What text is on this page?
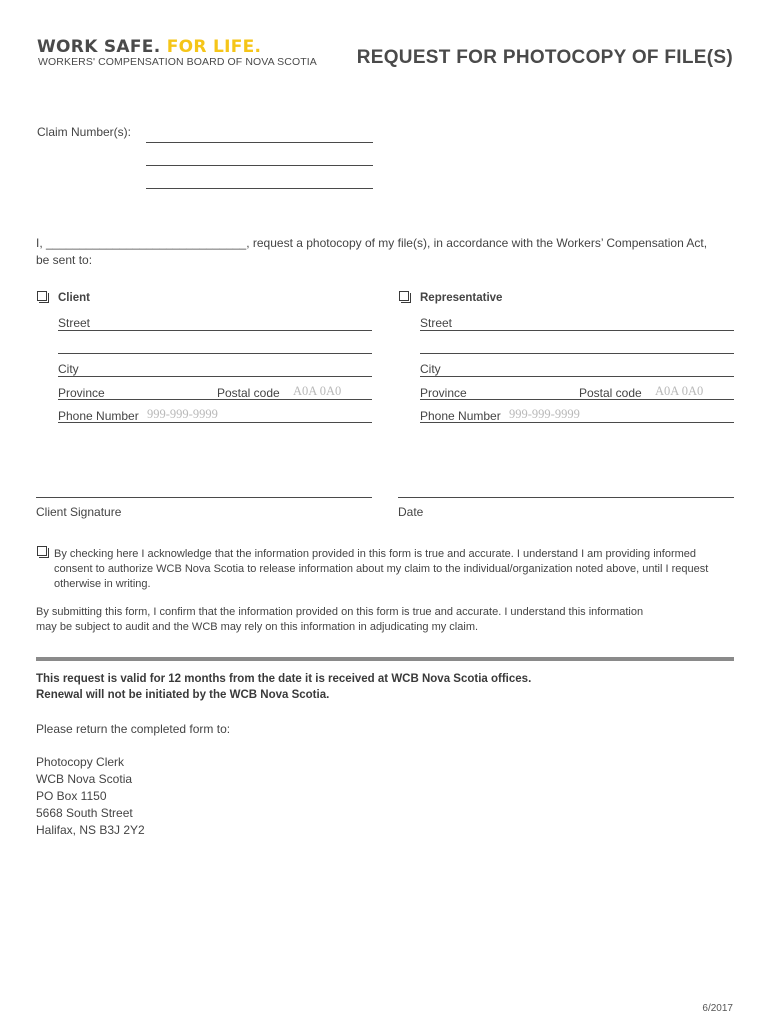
WORK SAFE. FOR LIFE.
WORKERS' COMPENSATION BOARD OF NOVA SCOTIA REQUEST FOR PHOTOCOPY OF FILE(S)
Claim Number(s):
I, ______________________________, request a photocopy of my file(s), in accordance with the Workers’ Compensation Act,
be sent to:
Client
Street
City
Province	Postal code A0A 0A0
Phone Number 999-999-9999
Representative
Street
City
Province	Postal code A0A 0A0
Phone Number 999-999-9999
Client Signature	Date
By checking here I acknowledge that the information provided in this form is true and accurate. I understand I am providing informed
consent to authorize WCB Nova Scotia to release information about my claim to the individual/organization noted above, until I request
otherwise in writing.
By submitting this form, I confirm that the information provided on this form is true and accurate. I understand this information
may be subject to audit and the WCB may rely on this information in adjudicating my claim.
This request is valid for 12 months from the date it is received at WCB Nova Scotia offices.
Renewal will not be initiated by the WCB Nova Scotia.
Please return the completed form to:
Photocopy Clerk
WCB Nova Scotia
PO Box 1150
5668 South Street
Halifax, NS B3J 2Y2
6/2017
